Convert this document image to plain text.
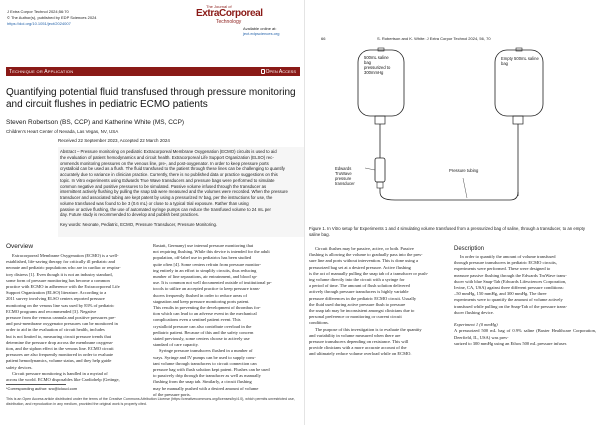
J Extra Corpor Technol 2024;56:70
© The Author(s), published by EDP Sciences 2024
https://doi.org/10.1051/ject/2024007
The Journal of
ExtraCorporeal
Technology
Available online at:
ject.edpsciences.org
Technique or Application	Open Access
Quantifying potential fluid transfused through pressure monitoring and circuit flushes in pediatric ECMO patients
Steven Robertson (BS, CCP) and Katherine White (MS, CCP)
Children's Heart Center of Nevada, Las Vegas, NV, USA
Received 22 September 2023, Accepted 22 March 2024
Abstract – Pressure monitoring on pediatric Extracorporeal Membrane Oxygenation (ECMO) circuits is used to aid
the evaluation of patient hemodynamics and circuit health. Extracorporeal Life Support Organization (ELSO) rec-
ommends monitoring pressures on the venous line, pre-, and post-oxygenator. In order to keep pressure ports
crystalloid can be used as a flush. The fluid transfused to the patient through these lines can be challenging to quantify
accurately due to variance in clinician practice. Currently, there is no published data or practice suggestions on this
topic. In Vitro experiments using Edwards True Wave transducers and pressure bags were performed to simulate
common negative and positive pressures to be simulated. Passive volume infused through the transducer as
intermittent actively flushing by pulling the snap tab were measured and the volumes were recorded. When the pressure
transducer and associated tubing are kept patent by using a pressurized IV bag, per the instructions for use, the
volume transfused was found to be 3 (0.6 mL) or close to a typical trial exposure. Rather than using
passive or active flushing, the use of automated syringe pumps can reduce the transfused volume to 24 mL per
day. Future study is recommended to develop and publish best practices.
Key words: Neonate, Pediatric, ECMO, Pressure Transducer, Pressure Monitoring.
Overview
Extracorporeal Membrane Oxygenation (ECMO) is a well-
established, life-saving therapy for critically ill pediatric and
neonate and pediatric populations who are in cardiac or respira-
tory distress [1]. Even though it is not an industry standard,
some form of pressure monitoring has become a common
practice with ECMO in adherence with the Extracorporeal Life
Support Organization (ELSO) literature. According to a
2011 survey involving ELSO centers reported pressure
monitoring on the venous line was used by 83% of pediatric
ECMO programs and recommended [3]. Negative
pressure from the venous cannula and positive pressures pre-
and post-membrane oxygenator pressures can be monitored in
order to aid in the evaluation of circuit health, includes
but is not limited to, measuring circuit pressure trends that
determine the pressure drop across the membrane oxygena-
tion, and the siphon effect in the venous line. ECMO circuit
pressures are also frequently monitored in order to evaluate
patient hemodynamics, volume status, and they help guide
safety devices.
Circuit pressure monitoring is handled in a myriad of
across the world. ECMO disposables like Cardiohelp (Getinge,
Rastatt, Germany) use internal pressure monitoring that
not requiring flushing. While this device is intended for the adult
population, off-label use in pediatrics has been studied
quite often [4]. Some centers refrain from pressure monitor-
ing entirely in an effort to simplify circuits, thus reducing
number of line separations, air entrainment, and blood sp-
use. It is common not well documented outside of institutional pr-
tocols to utilize an accepted practice to keep pressure trans-
ducers frequently flushed in order to reduce areas of
stagnation and keep pressure monitoring ports patent.
This results in preventing the development of thrombus for-
tion which can lead to an adverse event in the mechanical
complications even a sentinel patient event. This
crystalloid pressure can also contribute overload in the
pediatric patient. Because of this and the safety concern
stated previously, some centers choose to actively use
standard of care capacity.
Syringe pressure transducers flushed in a number of
ways. Syringe and IV pumps can be used to supply cons-
tant volume through transducers to circuit connection can
pressure bag with flush solution kept patent. Flushes can be used
to passively drip through the transducer as well as manually
flushing from the snap tab. Similarly, a circuit flushing
may be manually pushed with a desired amount of volume
of the pressure ports.
*Corresponding author: sro@icloud.com
This is an Open Access article distributed under the terms of the Creative Commons Attribution License (https://creativecommons.org/licenses/by/4.0), which permits unrestricted use, distribution, and reproduction in any medium, provided the original work is properly cited.
66	S. Robertson and K. White: J Extra Corpor Technol 2024, 56, 70
500mL saline bag pressurized to 300mmHg
Empty 500mL saline bag
Edwards TruWave pressure transducer
Pressure tubing
Figure 1. In Vitro setup for Experiments 1 and 4 simulating volume transfused from a pressurized bag of saline, through a transducer, to an empty saline bag.
Circuit flushes may be passive, active, or both. Passive
flushing is allowing the volume to gradually pass into the pres-
sure line and ports without intervention. This is done using a
pressurized bag set at a desired pressure. Active flushing
is the act of manually pulling the snap tab of a transducer or push-
ing volume directly into the circuit with a syringe for
a period of time. The amount of flush solution delivered
actively through pressure transducers is highly variable
pressure differences in the pediatric ECMO circuit. Usually
the fluid used during active pressure flush to pressure
the snap tab may be inconsistent amongst clinicians due to
personal preference or monitoring or current circuit
conditions.
The purpose of this investigation is to evaluate the quantity
and variability in volume measured when there are
pressure transducers depending on resistance. This will
provide clinicians with a more accurate account of the
and ultimately reduce volume overload while on ECMO.
Description
In order to quantify the amount of volume transfused
through pressure transducers in pediatric ECMO circuits,
experiments were performed. These were designed to
measure passive flushing through the Edwards TruWave trans-
ducer with blue Snap-Tab (Edwards Lifesciences Corporation,
Irvine, CA, USA) against three different pressure conditions:
–50 mmHg, 150 mmHg, and 300 mmHg. The three
experiments were to quantify the amount of volume actively
transfused while pulling on the Snap-Tab of the pressure trans-
ducer flushing device.
Experiment 1 (0 mmHg)
A pressurized 500 mL bag of 0.9% saline (Baxter Healthcare Corporation, Deerfield, IL, USA) was pres-
surized to 300 mmHg using an Ethox 500 mL pressure infuser.
